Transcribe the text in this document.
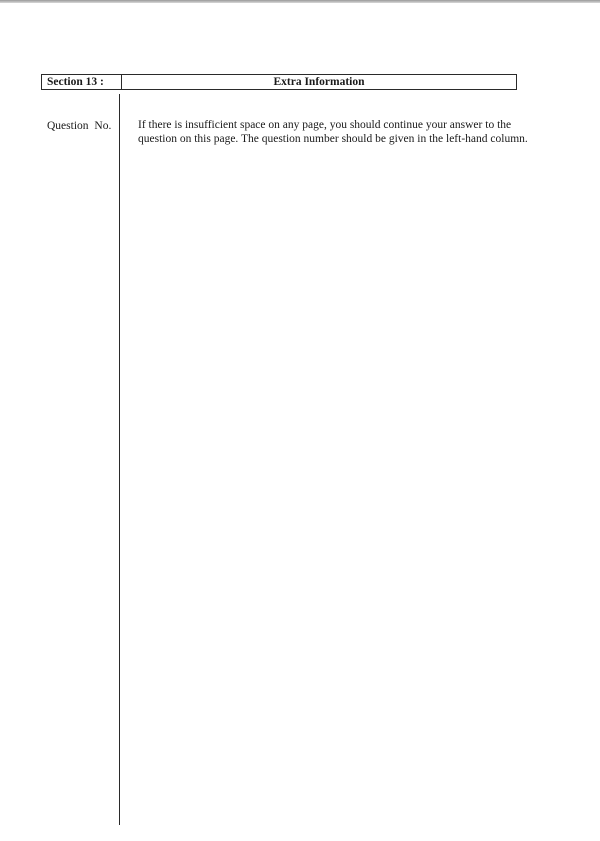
Section 13 :	Extra Information
Question No. If there is insufficient space on any page, you should continue your answer to the question on this page. The question number should be given in the left-hand column.
